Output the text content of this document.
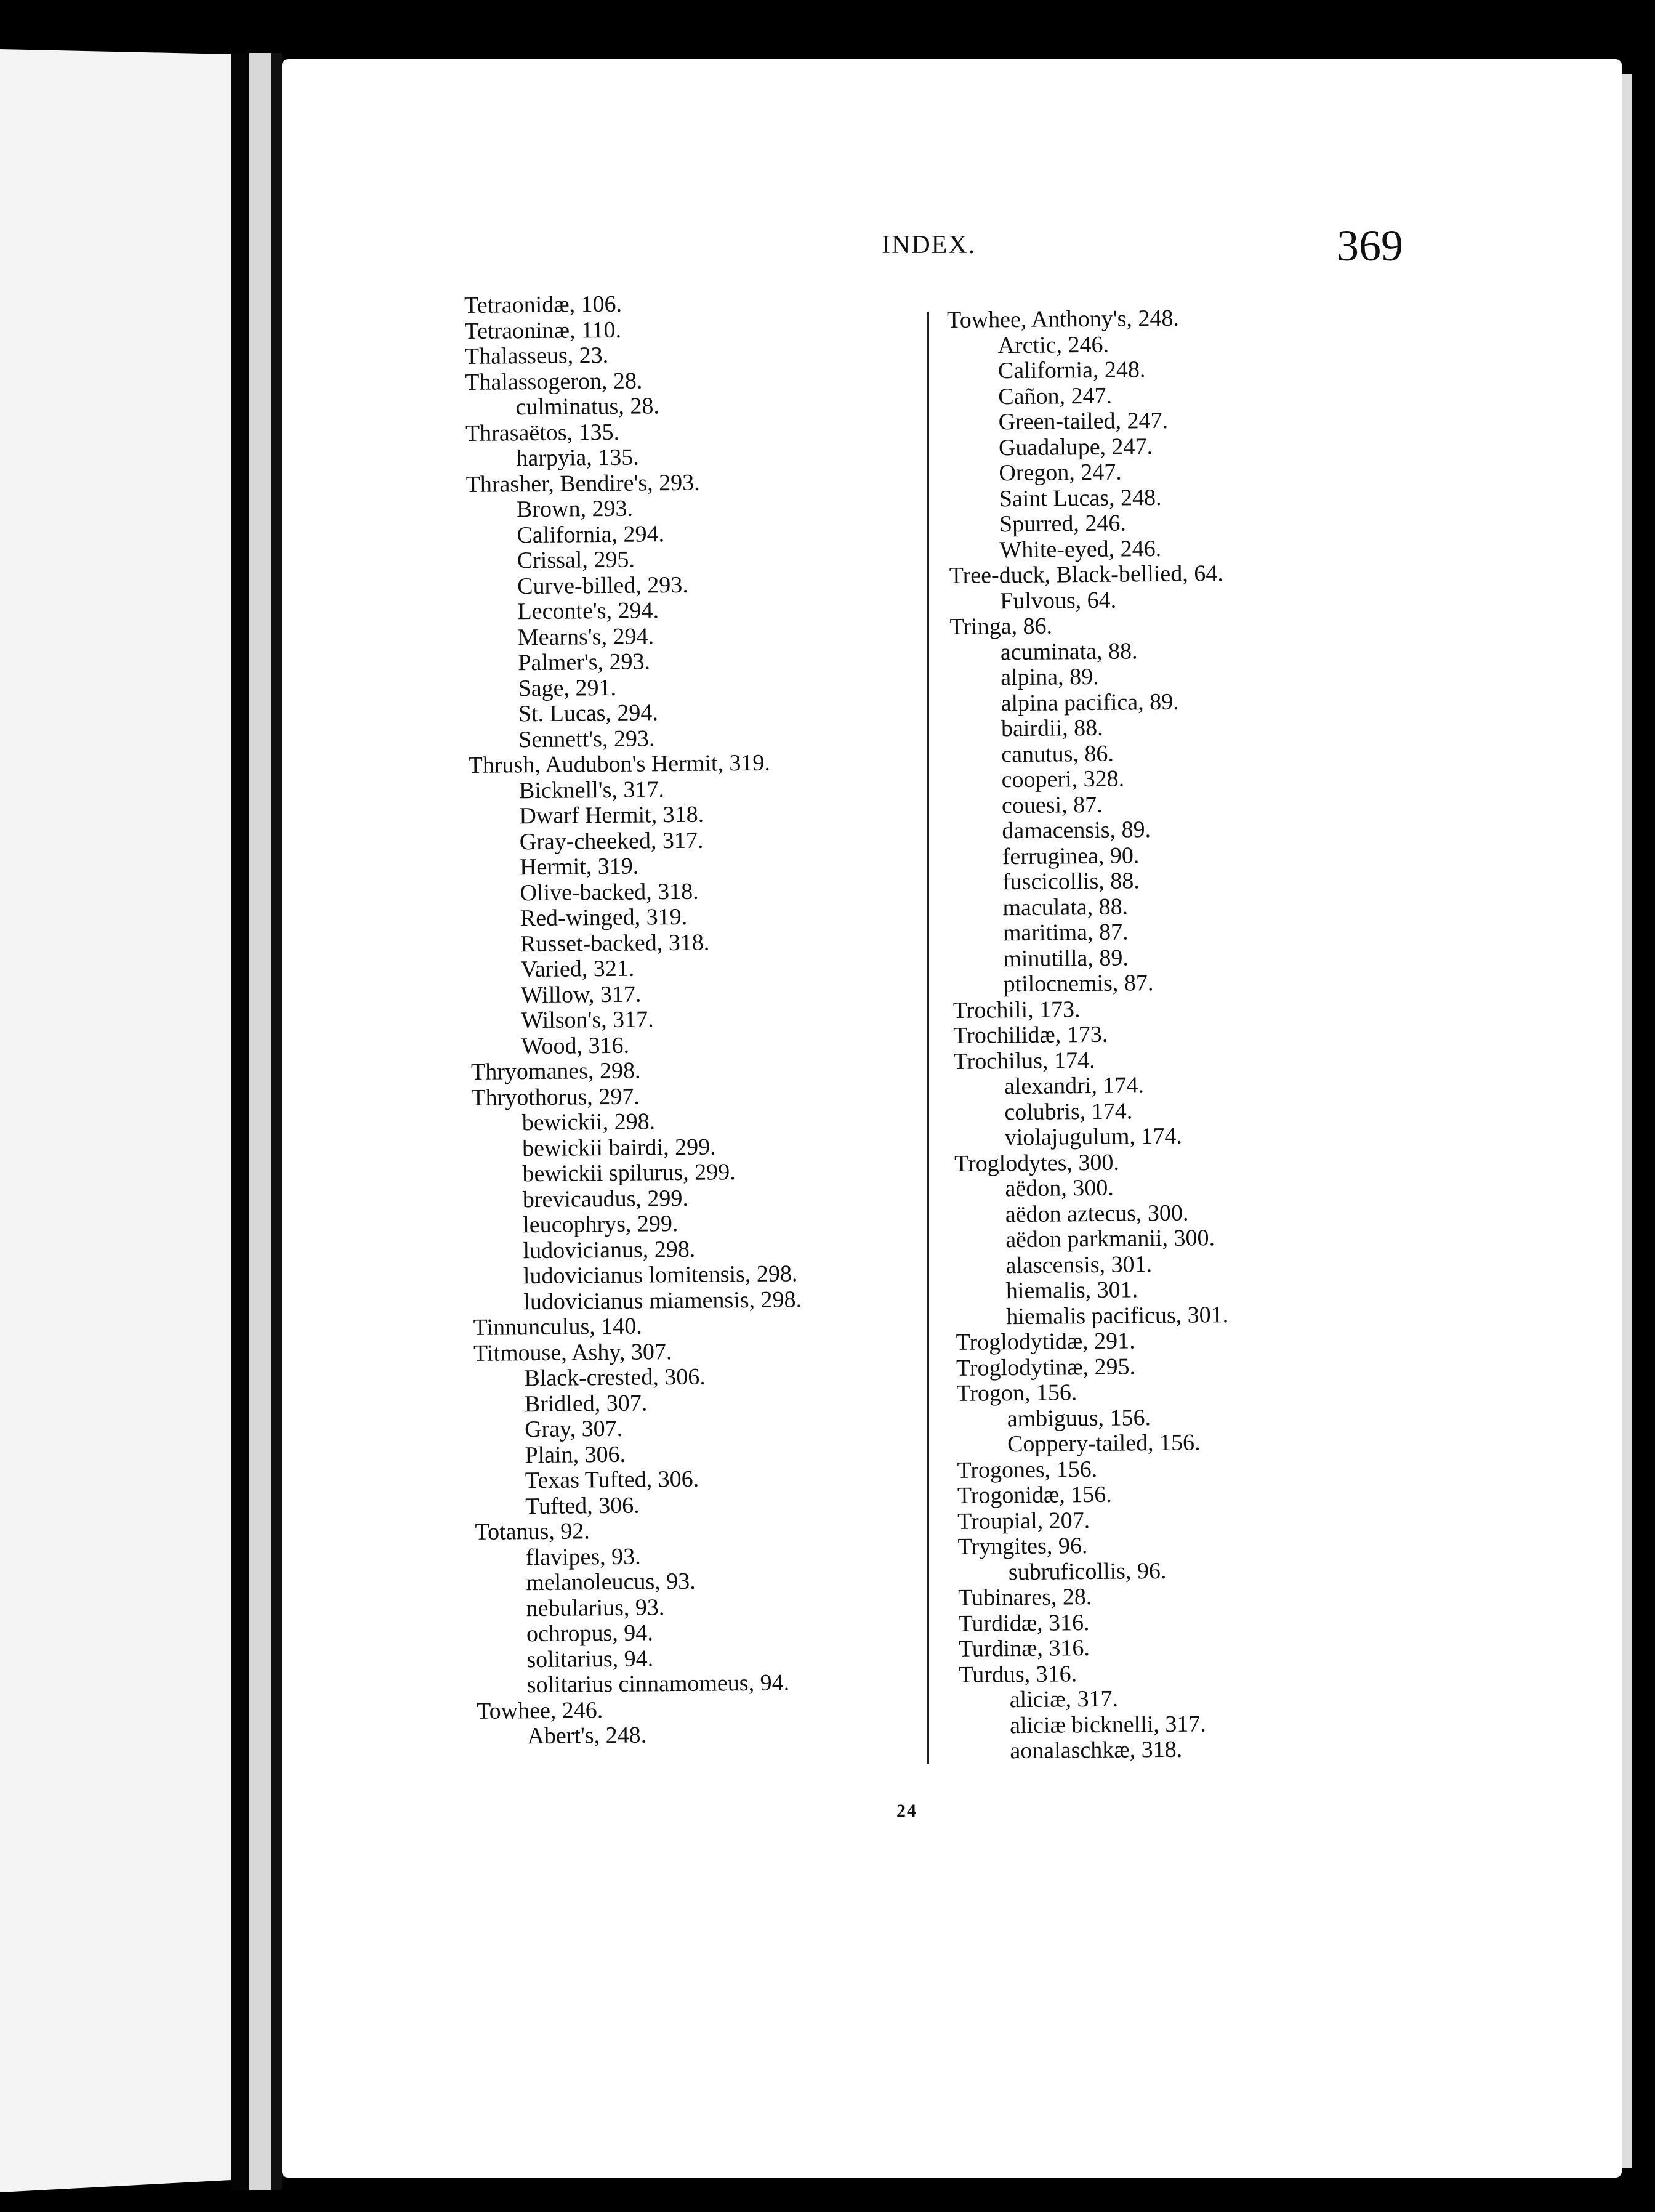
INDEX.	369
Tetraonidæ, 106.
Tetraoninæ, 110.
Thalasseus, 23.
Thalassogeron, 28.
culminatus, 28.
Thrasaëtos, 135.
harpyia, 135.
Thrasher, Bendire's, 293.
Brown, 293.
California, 294.
Crissal, 295.
Curve-billed, 293.
Leconte's, 294.
Mearns's, 294.
Palmer's, 293.
Sage, 291.
St. Lucas, 294.
Sennett's, 293.
Thrush, Audubon's Hermit, 319.
Bicknell's, 317.
Dwarf Hermit, 318.
Gray-cheeked, 317.
Hermit, 319.
Olive-backed, 318.
Red-winged, 319.
Russet-backed, 318.
Varied, 321.
Willow, 317.
Wilson's, 317.
Wood, 316.
Thryomanes, 298.
Thryothorus, 297.
bewickii, 298.
bewickii bairdi, 299.
bewickii spilurus, 299.
brevicaudus, 299.
leucophrys, 299.
ludovicianus, 298.
ludovicianus lomitensis, 298.
ludovicianus miamensis, 298.
Tinnunculus, 140.
Titmouse, Ashy, 307.
Black-crested, 306.
Bridled, 307.
Gray, 307.
Plain, 306.
Texas Tufted, 306.
Tufted, 306.
Totanus, 92.
flavipes, 93.
melanoleucus, 93.
nebularius, 93.
ochropus, 94.
solitarius, 94.
solitarius cinnamomeus, 94.
Towhee, 246.
Abert's, 248.
Towhee, Anthony's, 248.
Arctic, 246.
California, 248.
Cañon, 247.
Green-tailed, 247.
Guadalupe, 247.
Oregon, 247.
Saint Lucas, 248.
Spurred, 246.
White-eyed, 246.
Tree-duck, Black-bellied, 64.
Fulvous, 64.
Tringa, 86.
acuminata, 88.
alpina, 89.
alpina pacifica, 89.
bairdii, 88.
canutus, 86.
cooperi, 328.
couesi, 87.
damacensis, 89.
ferruginea, 90.
fuscicollis, 88.
maculata, 88.
maritima, 87.
minutilla, 89.
ptilocnemis, 87.
Trochili, 173.
Trochilidæ, 173.
Trochilus, 174.
alexandri, 174.
colubris, 174.
violajugulum, 174.
Troglodytes, 300.
aëdon, 300.
aëdon aztecus, 300.
aëdon parkmanii, 300.
alascensis, 301.
hiemalis, 301.
hiemalis pacificus, 301.
Troglodytidæ, 291.
Troglodytinæ, 295.
Trogon, 156.
ambiguus, 156.
Coppery-tailed, 156.
Trogones, 156.
Trogonidæ, 156.
Troupial, 207.
Tryngites, 96.
subruficollis, 96.
Tubinares, 28.
Turdidæ, 316.
Turdinæ, 316.
Turdus, 316.
aliciæ, 317.
aliciæ bicknelli, 317.
aonalaschkæ, 318.
24
